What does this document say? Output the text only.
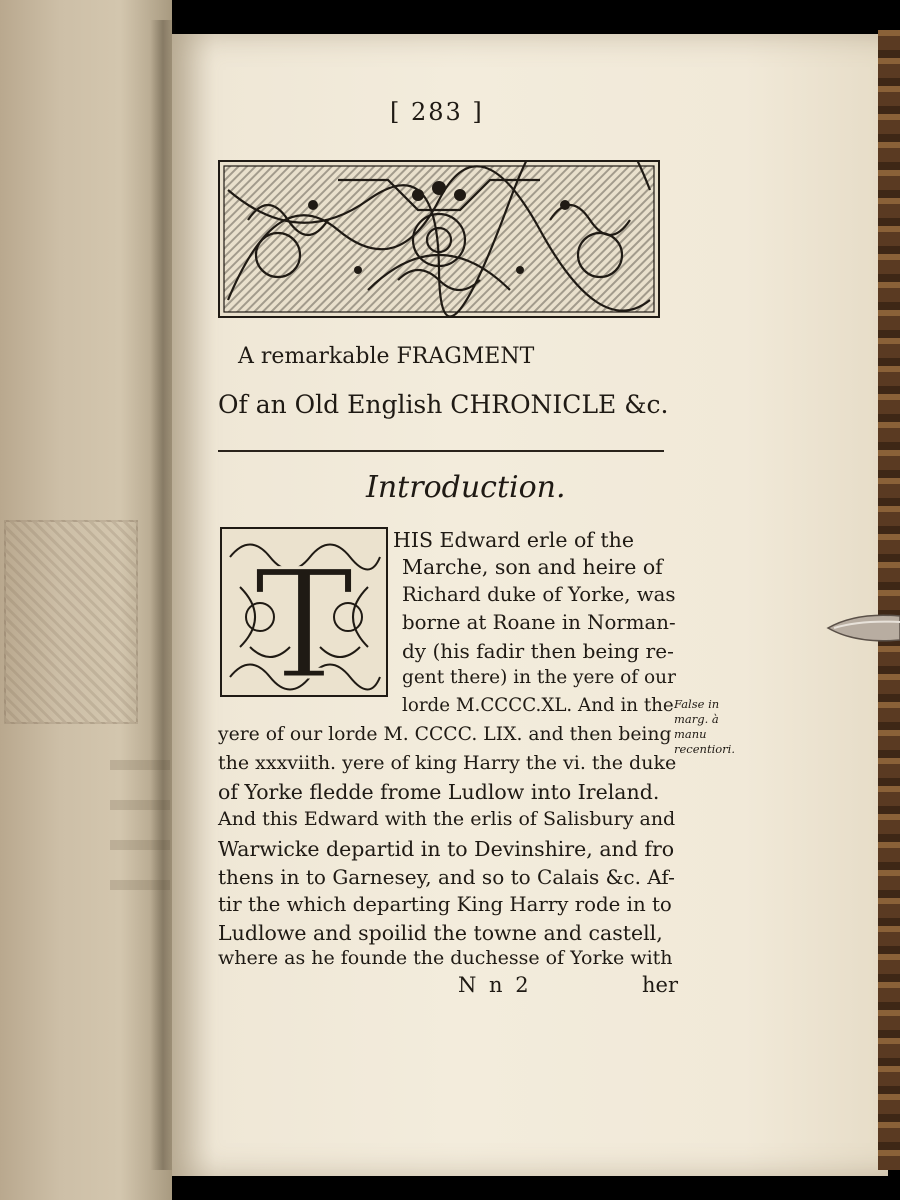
[ 283 ]
A remarkable FRAGMENT
Of an Old English CHRONICLE &c.
Introduction.
T HIS Edward erle of the
Marche, son and heire of
Richard duke of Yorke, was
borne at Roane in Norman-
dy (his fadir then being re-
gent there) in the yere of our
lorde M.CCCC.XL. And in the
yere of our lorde M. CCCC. LIX. and then being
the xxxviith. yere of king Harry the vi. the duke
of Yorke fledde frome Ludlow into Ireland.
And this Edward with the erlis of Salisbury and
Warwicke departid in to Devinshire, and fro
thens in to Garnesey, and so to Calais &c. Af-
tir the which departing King Harry rode in to
Ludlowe and spoilid the towne and castell,
where as he founde the duchesse of Yorke with
False in marg. à manu recentiori.
N n 2	her
